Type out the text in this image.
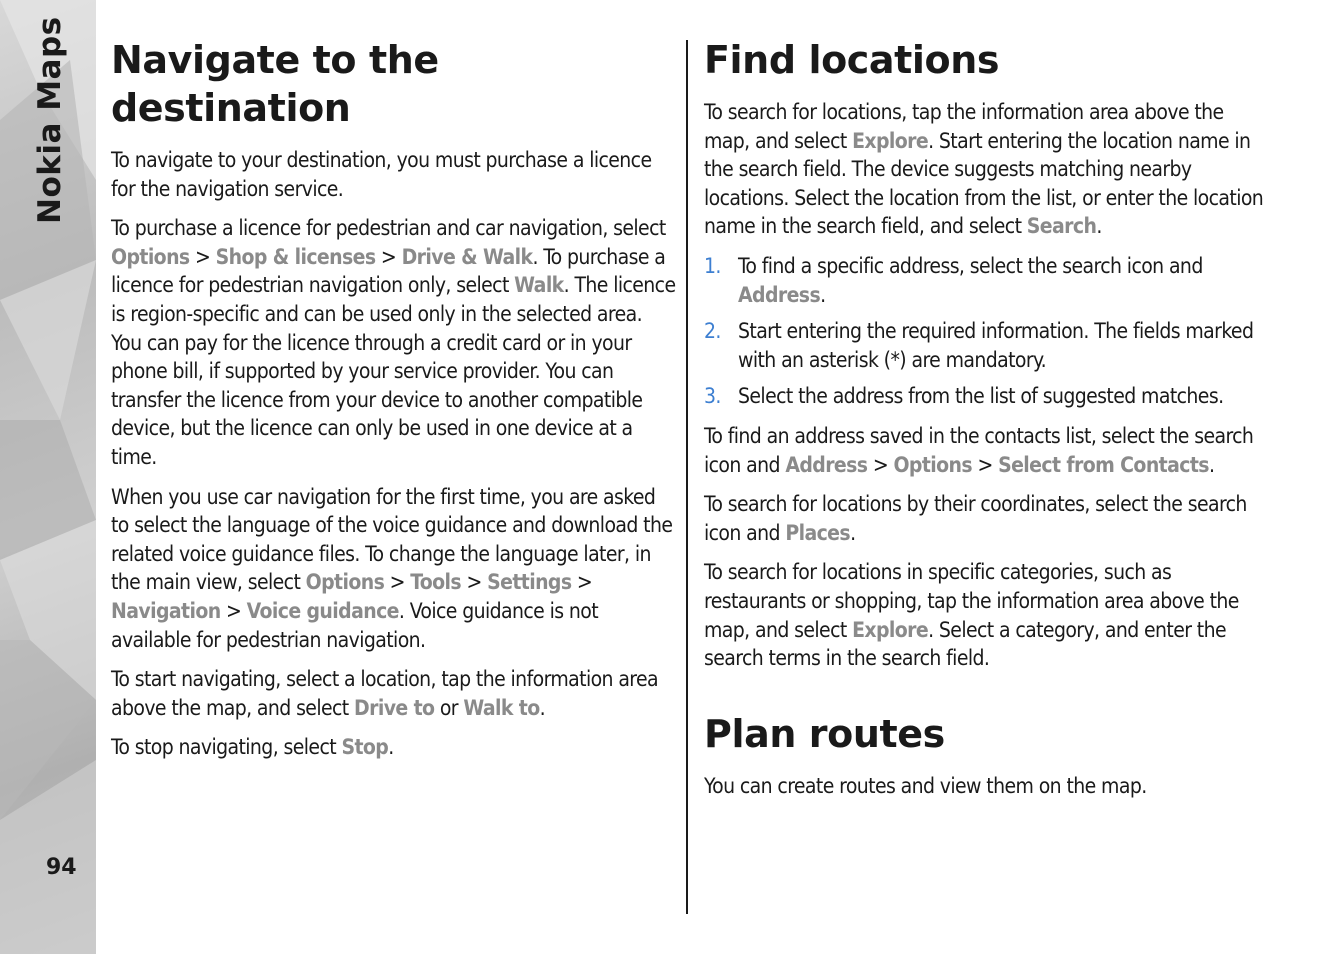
Nokia Maps
94
Navigate to the destination

To navigate to your destination, you must purchase a licence for the navigation service.

To purchase a licence for pedestrian and car navigation, select Options > Shop & licenses > Drive & Walk. To purchase a licence for pedestrian navigation only, select Walk. The licence is region-specific and can be used only in the selected area. You can pay for the licence through a credit card or in your phone bill, if supported by your service provider. You can transfer the licence from your device to another compatible device, but the licence can only be used in one device at a time.

When you use car navigation for the first time, you are asked to select the language of the voice guidance and download the related voice guidance files. To change the language later, in the main view, select Options > Tools > Settings > Navigation > Voice guidance. Voice guidance is not available for pedestrian navigation.

To start navigating, select a location, tap the information area above the map, and select Drive to or Walk to.

To stop navigating, select Stop.

Find locations

To search for locations, tap the information area above the map, and select Explore. Start entering the location name in the search field. The device suggests matching nearby locations. Select the location from the list, or enter the location name in the search field, and select Search.

1. To find a specific address, select the search icon and Address.
2. Start entering the required information. The fields marked with an asterisk (*) are mandatory.
3. Select the address from the list of suggested matches.

To find an address saved in the contacts list, select the search icon and Address > Options > Select from Contacts.

To search for locations by their coordinates, select the search icon and Places.

To search for locations in specific categories, such as restaurants or shopping, tap the information area above the map, and select Explore. Select a category, and enter the search terms in the search field.

Plan routes

You can create routes and view them on the map.
